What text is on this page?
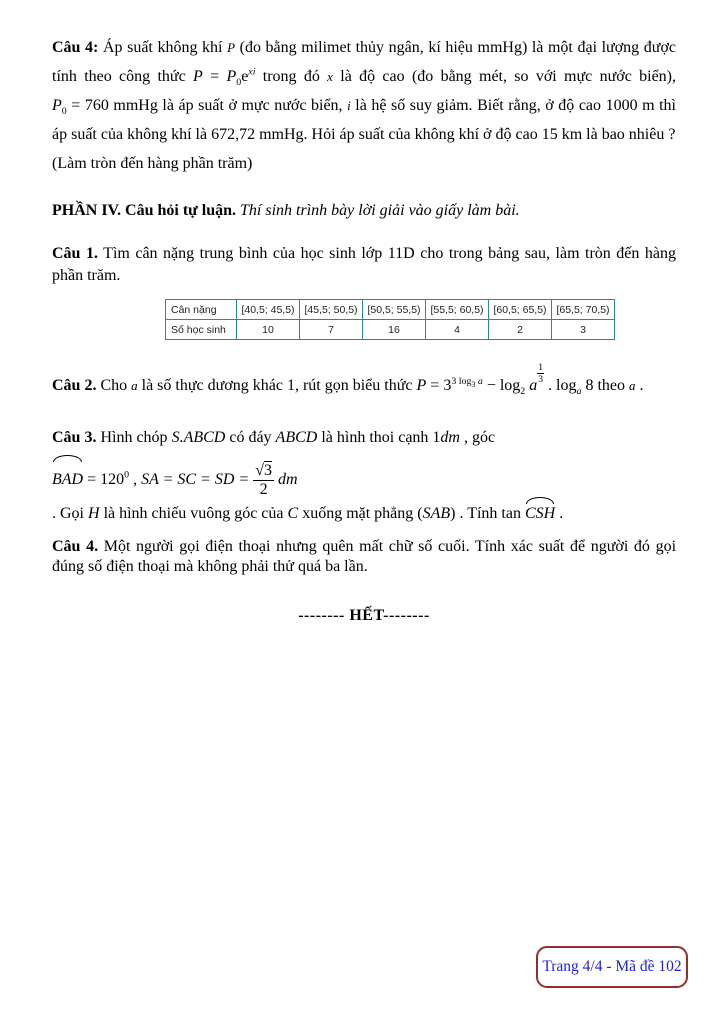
Câu 4: Áp suất không khí P (đo bằng milimet thủy ngân, kí hiệu mmHg) là một đại lượng được tính theo công thức $P = P_0e^{xi}$ trong đó x là độ cao (đo bằng mét, so với mực nước biển), $P_0 = 760$ mmHg là áp suất ở mực nước biển, i là hệ số suy giảm. Biết rằng, ở độ cao 1000 m thì áp suất của không khí là 672,72 mmHg. Hỏi áp suất của không khí ở độ cao 15 km là bao nhiêu ?

(Làm tròn đến hàng phần trăm)

PHẦN IV. Câu hỏi tự luận. Thí sinh trình bày lời giải vào giấy làm bài.

Câu 1. Tìm cân nặng trung bình của học sinh lớp 11D cho trong bảng sau, làm tròn đến hàng phần trăm.

Cân nặng	[40,5; 45,5)	[45,5; 50,5)	[50,5; 55,5)	[55,5; 60,5)	[60,5; 65,5)	[65,5; 70,5)
Số học sinh	10	7	16	4	2	3

Câu 2. Cho a là số thực dương khác 1, rút gọn biểu thức $P = 3^{3 log_3 a} - \log_2 a$
$\frac{1}{3}$
. $\log_a 8$ theo a .

Câu 3. Hình chóp S.ABCD có đáy ABCD là hình thoi cạnh 1dm , góc BAD = $120^0$ , SA = SC = SD = $\frac{√3}{2}$ dm
. Gọi H là hình chiếu vuông góc của C xuống mặt phẳng (SAB) . Tính tan CSH .

Câu 4. Một người gọi điện thoại nhưng quên mất chữ số cuối. Tính xác suất để người đó gọi đúng số điện thoại mà không phải thử quá ba lần.

-------- HẾT--------
Trang 4/4 - Mã đề 102
